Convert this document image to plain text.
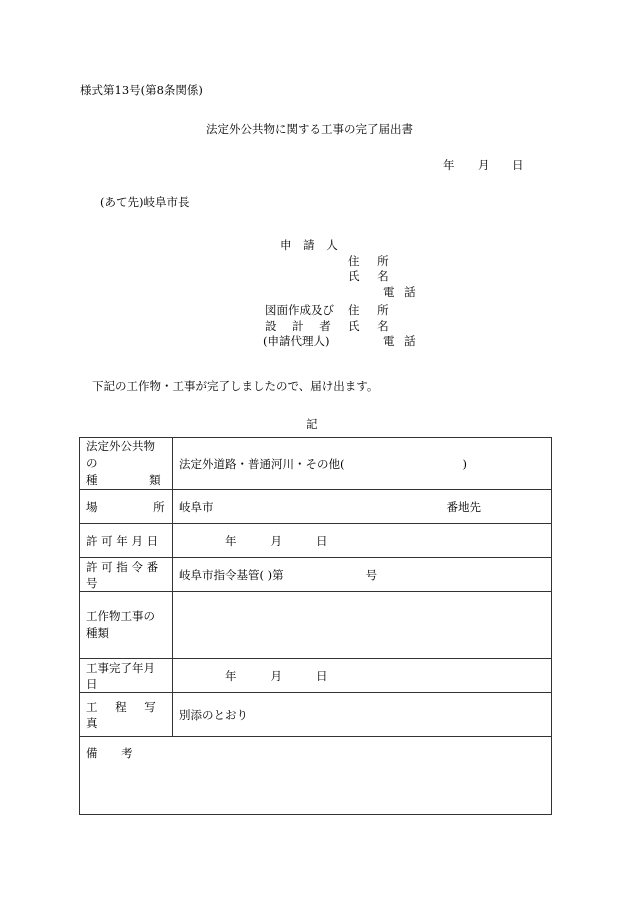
様式第13号(第8条関係)
法定外公共物に関する工事の完了届出書
年 月 日
(あて先)岐阜市長
申 請 人
住 所
氏 名
電 話
図面作成及び
設 計 者
(申請代理人)
住 所
氏 名
電 話
下記の工作物・工事が完了しましたので、届け出ます。
記
法定外公共物の
種 類	法定外道路・普通河川・その他( )
場 所	岐阜市 番地先

許 可 年 月 日	年 月 日
許 可 指 令 番 号	岐阜市指令基管( )第 号
工作物工事の種類	
工事完了年月日	年 月 日
工 程 写 真	別添のとおり
備 考	
